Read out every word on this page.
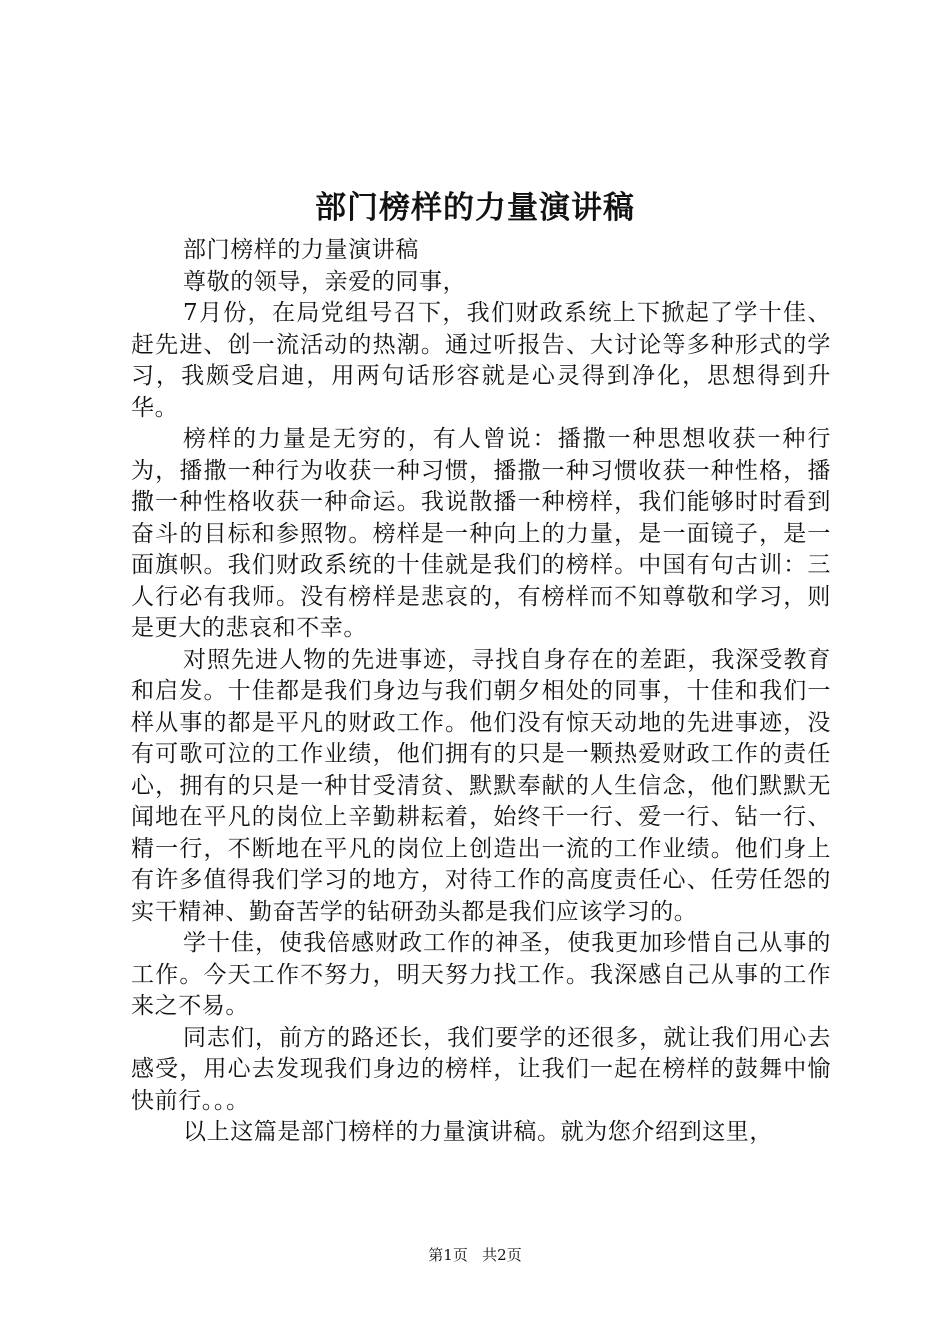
部门榜样的力量演讲稿

部门榜样的力量演讲稿

尊敬的领导，亲爱的同事，

7月份，在局党组号召下，我们财政系统上下掀起了学十佳、赶先进、创一流活动的热潮。通过听报告、大讨论等多种形式的学习，我颇受启迪，用两句话形容就是心灵得到净化，思想得到升华。

榜样的力量是无穷的，有人曾说：播撒一种思想收获一种行为，播撒一种行为收获一种习惯，播撒一种习惯收获一种性格，播撒一种性格收获一种命运。我说散播一种榜样，我们能够时时看到奋斗的目标和参照物。榜样是一种向上的力量，是一面镜子，是一面旗帜。我们财政系统的十佳就是我们的榜样。中国有句古训：三人行必有我师。没有榜样是悲哀的，有榜样而不知尊敬和学习，则是更大的悲哀和不幸。

对照先进人物的先进事迹，寻找自身存在的差距，我深受教育和启发。十佳都是我们身边与我们朝夕相处的同事，十佳和我们一样从事的都是平凡的财政工作。他们没有惊天动地的先进事迹，没有可歌可泣的工作业绩，他们拥有的只是一颗热爱财政工作的责任心，拥有的只是一种甘受清贫、默默奉献的人生信念，他们默默无闻地在平凡的岗位上辛勤耕耘着，始终干一行、爱一行、钻一行、精一行，不断地在平凡的岗位上创造出一流的工作业绩。他们身上有许多值得我们学习的地方，对待工作的高度责任心、任劳任怨的实干精神、勤奋苦学的钻研劲头都是我们应该学习的。

学十佳，使我倍感财政工作的神圣，使我更加珍惜自己从事的工作。今天工作不努力，明天努力找工作。我深感自己从事的工作来之不易。

同志们，前方的路还长，我们要学的还很多，就让我们用心去感受，用心去发现我们身边的榜样，让我们一起在榜样的鼓舞中愉快前行。。。

以上这篇是部门榜样的力量演讲稿。就为您介绍到这里，

第1页 共2页
